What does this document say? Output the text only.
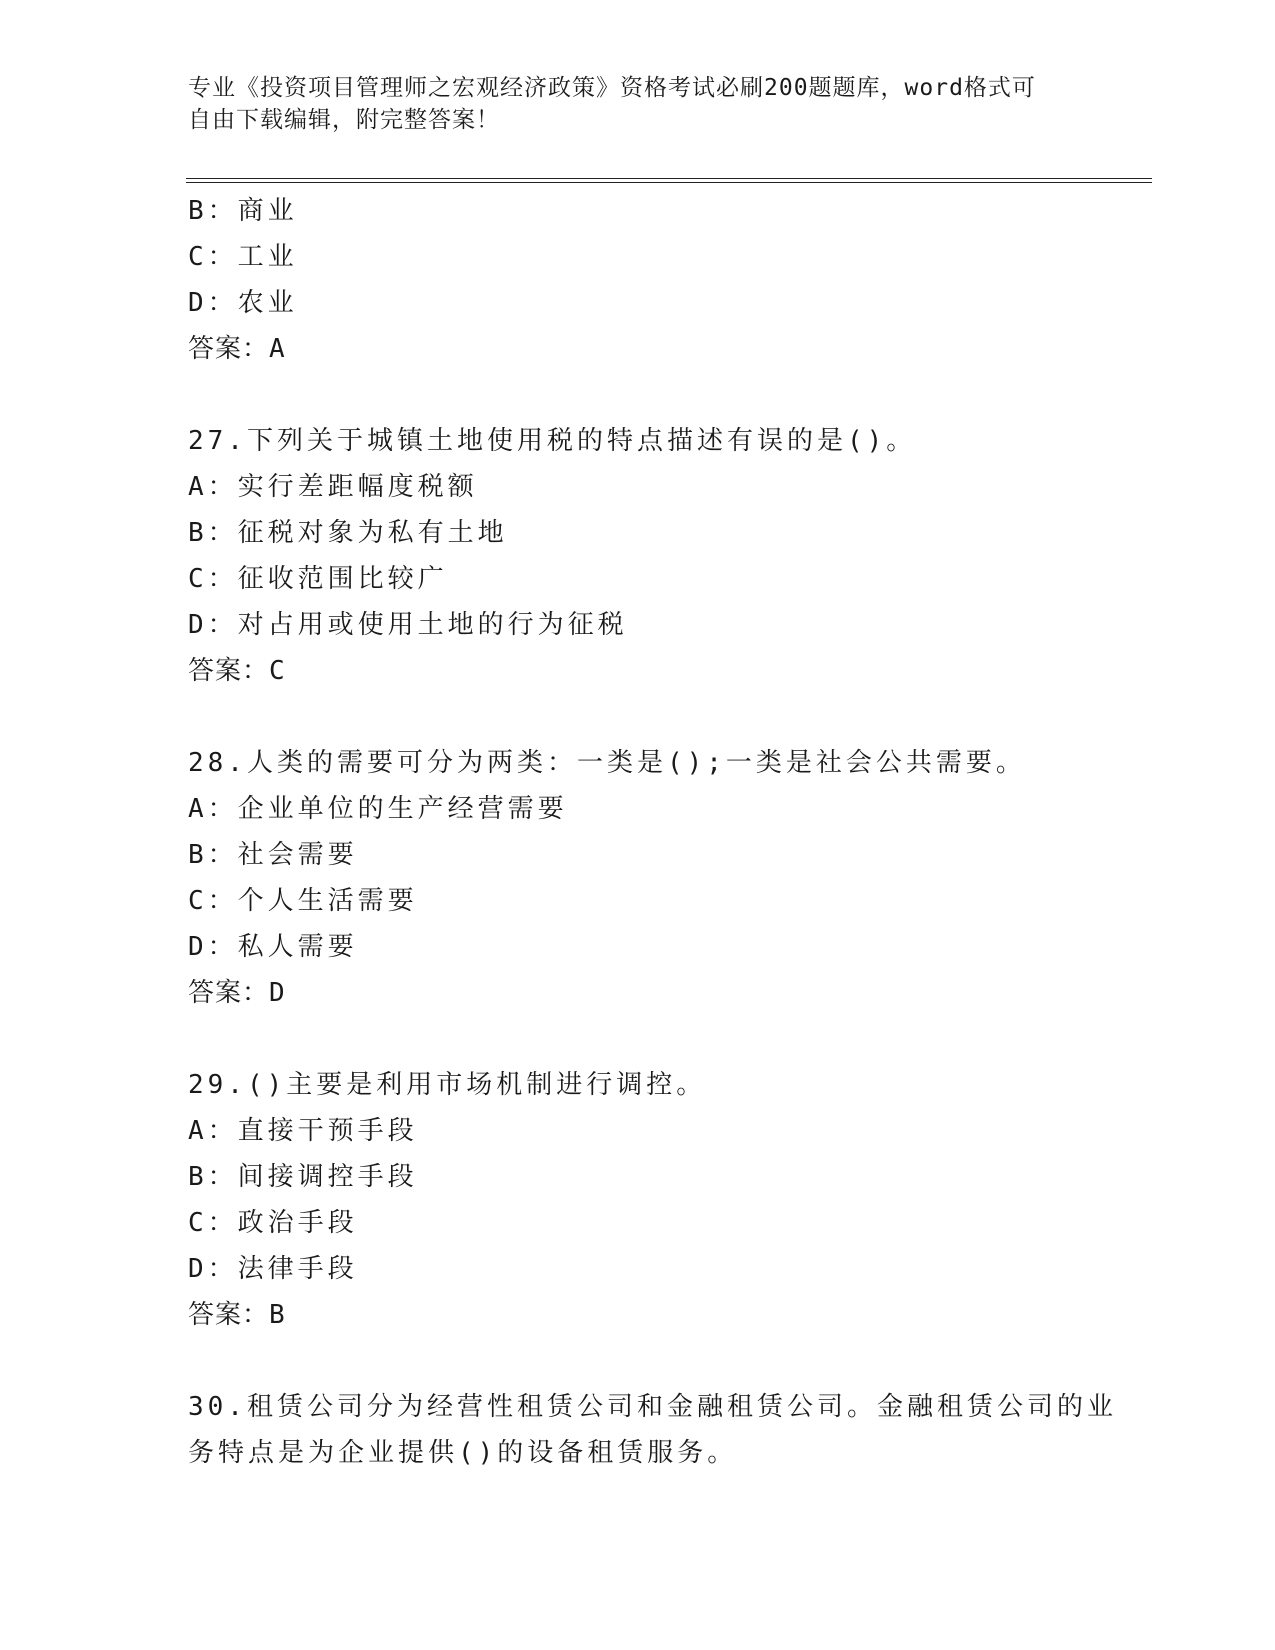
专业《投资项目管理师之宏观经济政策》资格考试必刷200题题库，word格式可
自由下载编辑，附完整答案！
B：商业
C：工业
D：农业
答案：A
27.下列关于城镇土地使用税的特点描述有误的是()。
A：实行差距幅度税额
B：征税对象为私有土地
C：征收范围比较广
D：对占用或使用土地的行为征税
答案：C
28.人类的需要可分为两类：一类是();一类是社会公共需要。
A：企业单位的生产经营需要
B：社会需要
C：个人生活需要
D：私人需要
答案：D
29.()主要是利用市场机制进行调控。
A：直接干预手段
B：间接调控手段
C：政治手段
D：法律手段
答案：B
30.租赁公司分为经营性租赁公司和金融租赁公司。金融租赁公司的业
务特点是为企业提供()的设备租赁服务。
